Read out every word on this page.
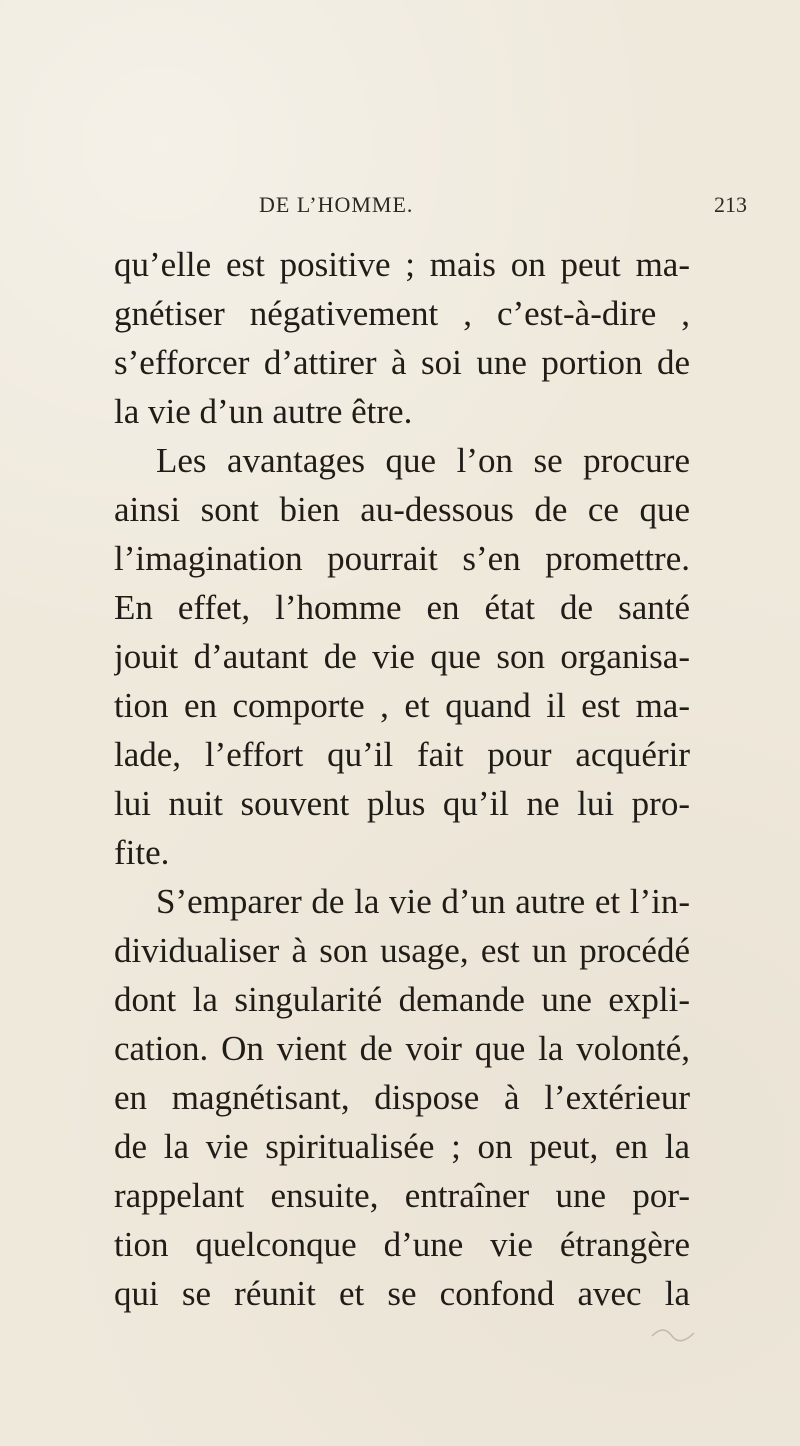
DE L’HOMME.	213
qu’elle est positive ; mais on peut ma-
gnétiser négativement , c’est-à-dire ,
s’efforcer d’attirer à soi une portion de
la vie d’un autre être.
Les avantages que l’on se procure
ainsi sont bien au-dessous de ce que
l’imagination pourrait s’en promettre.
En effet, l’homme en état de santé
jouit d’autant de vie que son organisa-
tion en comporte , et quand il est ma-
lade, l’effort qu’il fait pour acquérir
lui nuit souvent plus qu’il ne lui pro-
fite.
S’emparer de la vie d’un autre et l’in-
dividualiser à son usage, est un procédé
dont la singularité demande une expli-
cation. On vient de voir que la volonté,
en magnétisant, dispose à l’extérieur
de la vie spiritualisée ; on peut, en la
rappelant ensuite, entraîner une por-
tion quelconque d’une vie étrangère
qui se réunit et se confond avec la
